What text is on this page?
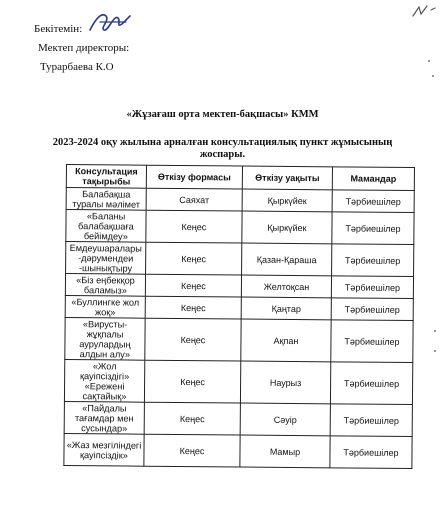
Бекітемін:
Мектеп директоры:
Турарбаева К.О
«Жұзағаш орта мектеп-бақшасы» КММ
2023-2024 оқу жылына арналған консультациялық пункт жұмысының жоспары.
Консультация тақырыбы	Өткізу формасы	Өткізу уақыты	Мамандар
Балабақша туралы мәлімет	Саяхат	Қыркүйек	Тәрбиешілер
«Баланы балабақшаға бейімдеу»	Кеңес	Қыркүйек	Тәрбиешілер
Емдеушаралары -дәрумендеи -шынықтыру	Кеңес	Қазан-Қараша	Тәрбиешілер
«Біз еңбекқор баламыз»	Кеңес	Желтоқсан	Тәрбиешілер
«Буллингке жол жоқ»	Кеңес	Қаңтар	Тәрбиешілер
«Вирусты-жұқпалы аурулардың алдын алу»	Кеңес	Ақпан	Тәрбиешілер
«Жол қауіпсіздігі» «Ережені сақтайық»	Кеңес	Наурыз	Тәрбиешілер
«Пайдалы тағамдар мен сусындар»	Кеңес	Сәуір	Тәрбиешілер
«Жаз мезгіліндегі қауіпсіздік»	Кеңес	Мамыр	Тәрбиешілер
